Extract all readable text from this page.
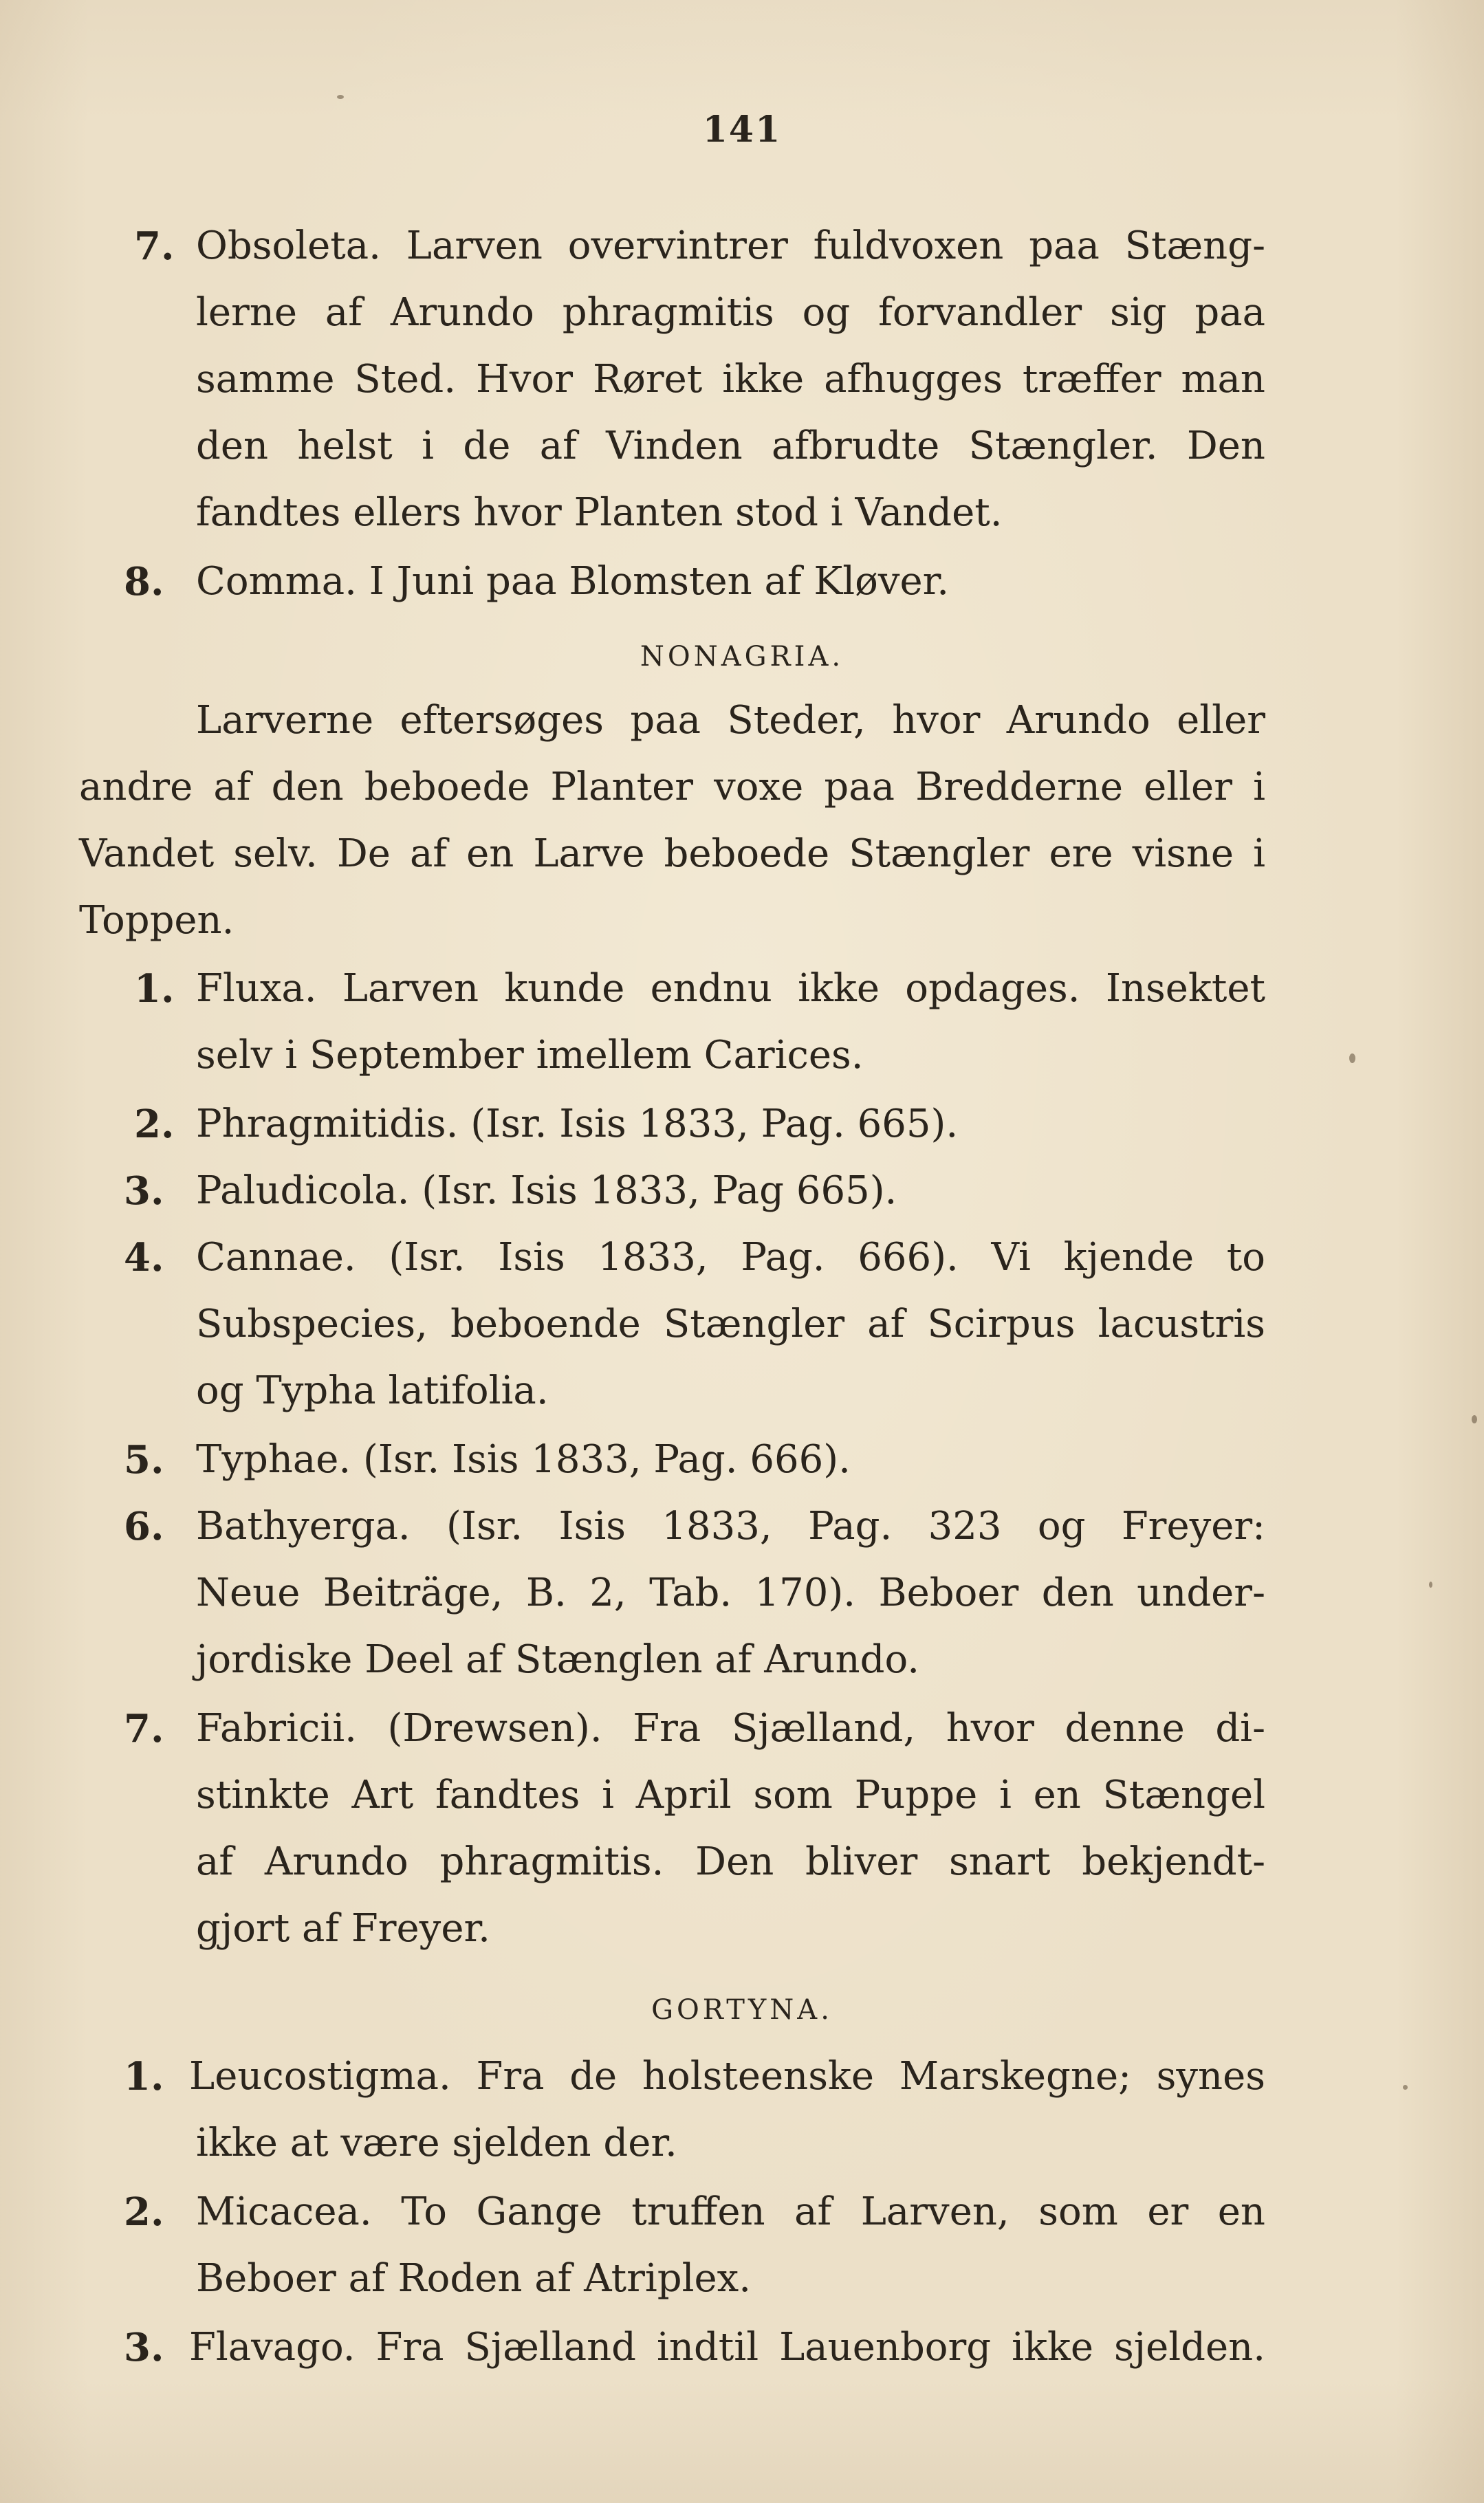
141
7. Obsoleta. Larven overvintrer fuldvoxen paa Stæng-
lerne af Arundo phragmitis og forvandler sig paa
samme Sted. Hvor Røret ikke afhugges træffer man
den helst i de af Vinden afbrudte Stængler. Den
fandtes ellers hvor Planten stod i Vandet.
8. Comma. I Juni paa Blomsten af Kløver.
NONAGRIA.
Larverne eftersøges paa Steder, hvor Arundo eller
andre af den beboede Planter voxe paa Bredderne eller i
Vandet selv. De af en Larve beboede Stængler ere visne i
Toppen.
1. Fluxa. Larven kunde endnu ikke opdages. Insektet
selv i September imellem Carices.
2. Phragmitidis. (Isr. Isis 1833, Pag. 665).
3. Paludicola. (Isr. Isis 1833, Pag 665).
4. Cannae. (Isr. Isis 1833, Pag. 666). Vi kjende to
Subspecies, beboende Stængler af Scirpus lacustris
og Typha latifolia.
5. Typhae. (Isr. Isis 1833, Pag. 666).
6. Bathyerga. (Isr. Isis 1833, Pag. 323 og Freyer:
Neue Beiträge, B. 2, Tab. 170). Beboer den under-
jordiske Deel af Stænglen af Arundo.
7. Fabricii. (Drewsen). Fra Sjælland, hvor denne di-
stinkte Art fandtes i April som Puppe i en Stængel
af Arundo phragmitis. Den bliver snart bekjendt-
gjort af Freyer.
GORTYNA.
1. Leucostigma. Fra de holsteenske Marskegne; synes
ikke at være sjelden der.
2. Micacea. To Gange truffen af Larven, som er en
Beboer af Roden af Atriplex.
3. Flavago. Fra Sjælland indtil Lauenborg ikke sjelden.
